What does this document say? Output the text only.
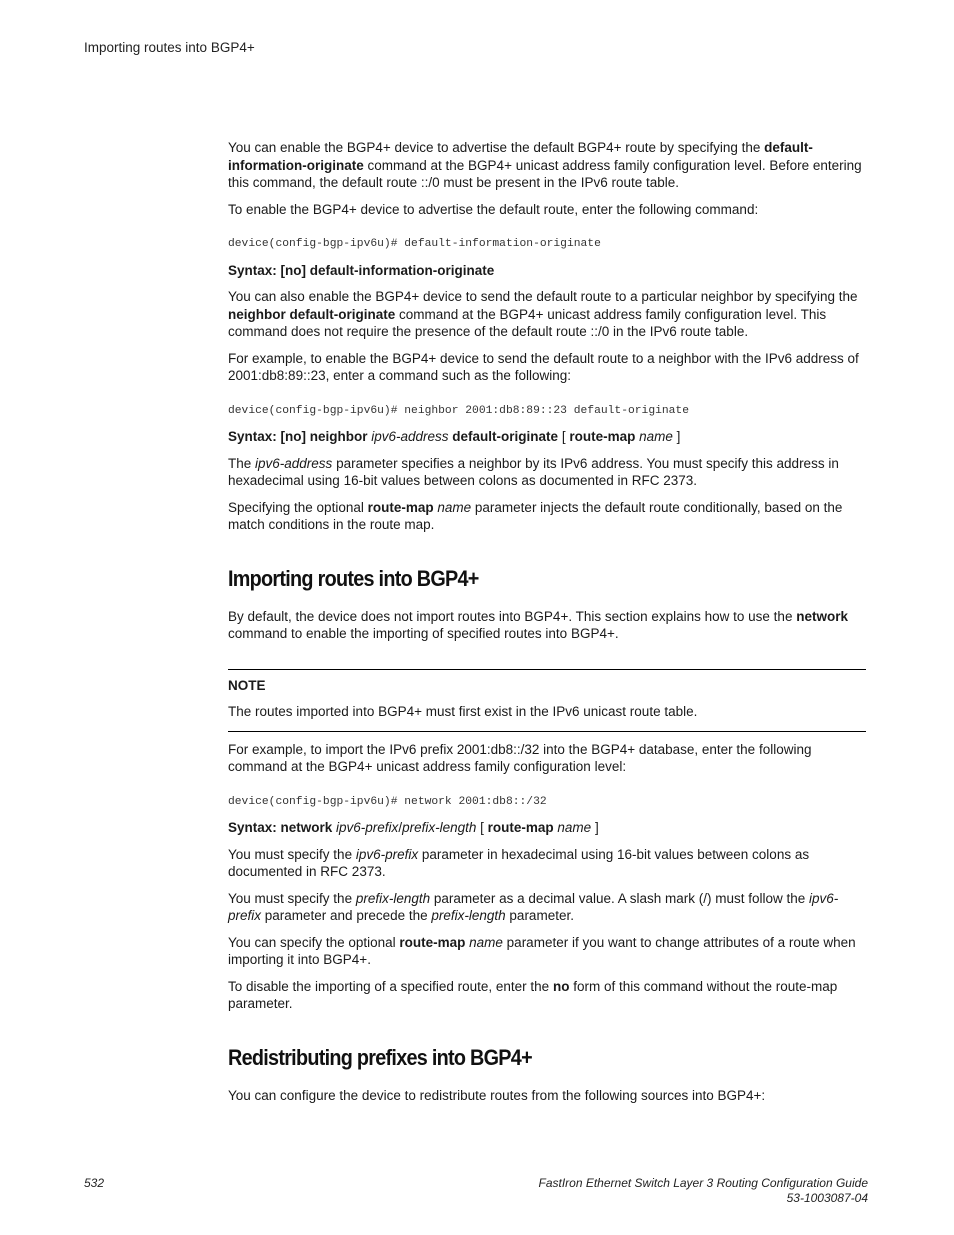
Importing routes into BGP4+

You can enable the BGP4+ device to advertise the default BGP4+ route by specifying the default-information-originate command at the BGP4+ unicast address family configuration level. Before entering this command, the default route ::/0 must be present in the IPv6 route table.

To enable the BGP4+ device to advertise the default route, enter the following command:

device(config-bgp-ipv6u)# default-information-originate

Syntax: [no] default-information-originate

You can also enable the BGP4+ device to send the default route to a particular neighbor by specifying the neighbor default-originate command at the BGP4+ unicast address family configuration level. This command does not require the presence of the default route ::/0 in the IPv6 route table.

For example, to enable the BGP4+ device to send the default route to a neighbor with the IPv6 address of 2001:db8:89::23, enter a command such as the following:

device(config-bgp-ipv6u)# neighbor 2001:db8:89::23 default-originate

Syntax: [no] neighbor ipv6-address default-originate [ route-map name ]

The ipv6-address parameter specifies a neighbor by its IPv6 address. You must specify this address in hexadecimal using 16-bit values between colons as documented in RFC 2373.

Specifying the optional route-map name parameter injects the default route conditionally, based on the match conditions in the route map.

Importing routes into BGP4+

By default, the device does not import routes into BGP4+. This section explains how to use the network command to enable the importing of specified routes into BGP4+.

NOTE

The routes imported into BGP4+ must first exist in the IPv6 unicast route table.

For example, to import the IPv6 prefix 2001:db8::/32 into the BGP4+ database, enter the following command at the BGP4+ unicast address family configuration level:

device(config-bgp-ipv6u)# network 2001:db8::/32

Syntax: network ipv6-prefix/prefix-length [ route-map name ]

You must specify the ipv6-prefix parameter in hexadecimal using 16-bit values between colons as documented in RFC 2373.

You must specify the prefix-length parameter as a decimal value. A slash mark (/) must follow the ipv6-prefix parameter and precede the prefix-length parameter.

You can specify the optional route-map name parameter if you want to change attributes of a route when importing it into BGP4+.

To disable the importing of a specified route, enter the no form of this command without the route-map parameter.

Redistributing prefixes into BGP4+

You can configure the device to redistribute routes from the following sources into BGP4+:

532	FastIron Ethernet Switch Layer 3 Routing Configuration Guide
53-1003087-04
